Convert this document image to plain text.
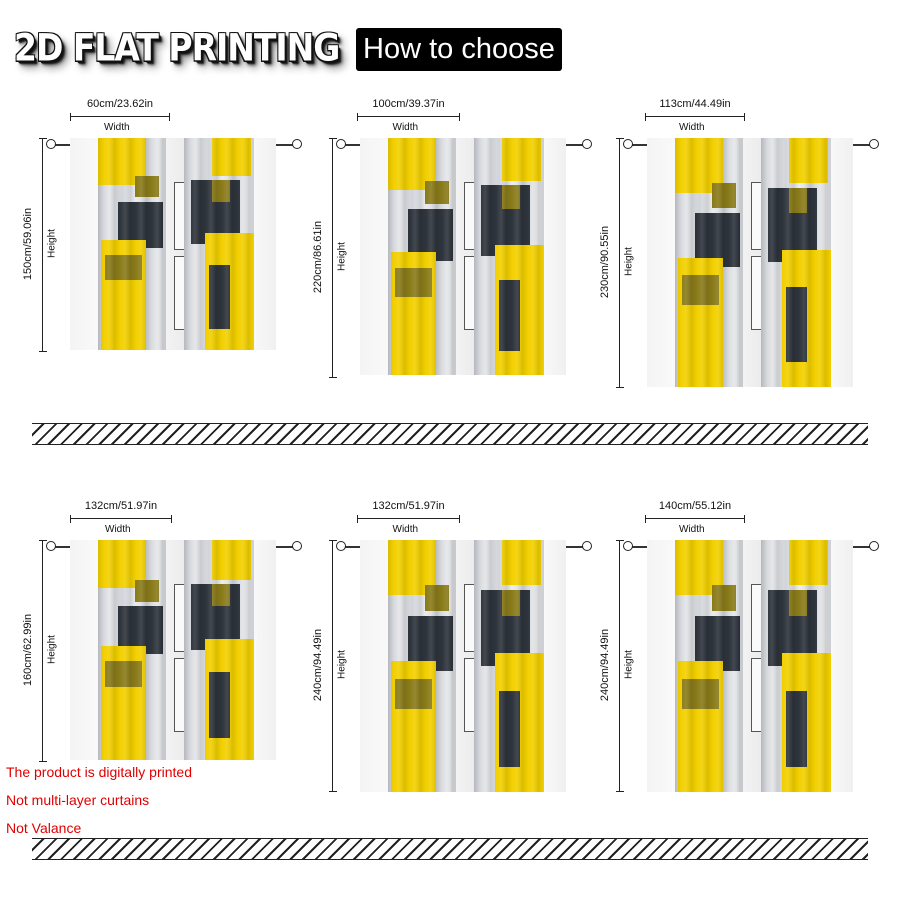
2D FLAT PRINTING How to choose
60cm/23.62in
Width
150cm/59.06in Height
100cm/39.37in
Width
220cm/86.61in Height
113cm/44.49in
Width
230cm/90.55in Height
132cm/51.97in
Width
160cm/62.99in Height
132cm/51.97in
Width
240cm/94.49in Height
140cm/55.12in
Width
240cm/94.49in Height
The product is digitally printed
Not multi-layer curtains
Not Valance
